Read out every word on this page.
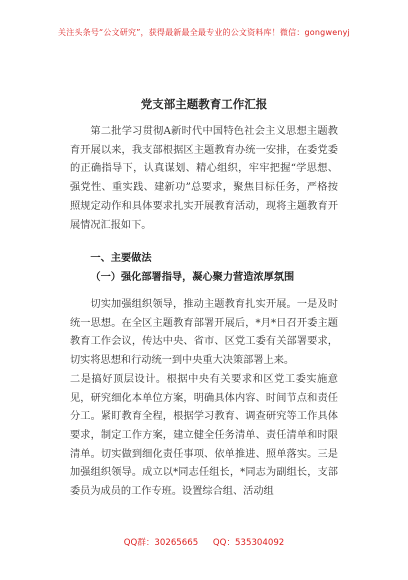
关注头条号“公文研究”，获得最新最全最专业的公文资料库！微信：gongwenyj
党支部主题教育工作汇报

第二批学习贯彻A新时代中国特色社会主义思想主题教育开展以来，我支部根据区主题教育办统一安排，在委党委的正确指导下，认真谋划、精心组织，牢牢把握“学思想、强党性、重实践、建新功”总要求，聚焦目标任务，严格按照规定动作和具体要求扎实开展教育活动，现将主题教育开展情况汇报如下。

一、主要做法

（一）强化部署指导，凝心聚力营造浓厚氛围

切实加强组织领导，推动主题教育扎实开展。一是及时统一思想。在全区主题教育部署开展后，*月*日召开委主题教育工作会议，传达中央、省市、区党工委有关部署要求，切实将思想和行动统一到中央重大决策部署上来。

二是搞好顶层设计。根据中央有关要求和区党工委实施意见，研究细化本单位方案，明确具体内容、时间节点和责任分工。紧盯教育全程，根据学习教育、调查研究等工作具体要求，制定工作方案，建立健全任务清单、责任清单和时限清单。切实做到细化责任事项、依单推进、照单落实。三是加强组织领导。成立以*同志任组长，*同志为副组长，支部委员为成员的工作专班。设置综合组、活动组

QQ群：30265665 QQ：535304092
